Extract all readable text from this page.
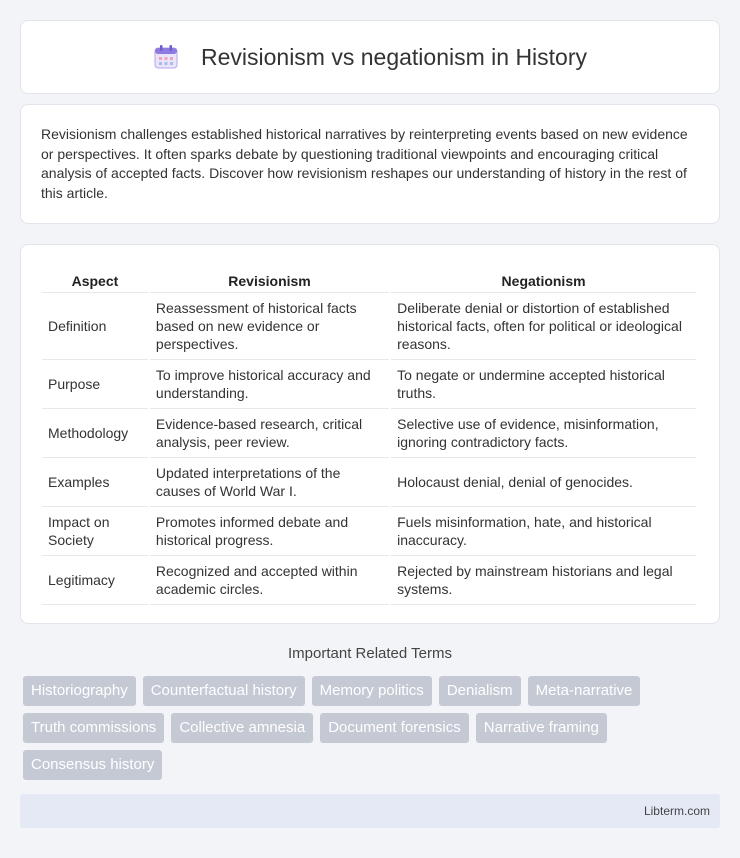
Revisionism vs negationism in History

Revisionism challenges established historical narratives by reinterpreting events based on new evidence or perspectives. It often sparks debate by questioning traditional viewpoints and encouraging critical analysis of accepted facts. Discover how revisionism reshapes our understanding of history in the rest of this article.

Aspect	Revisionism	Negationism
Definition	Reassessment of historical facts based on new evidence or perspectives.	Deliberate denial or distortion of established historical facts, often for political or ideological reasons.
Purpose	To improve historical accuracy and understanding.	To negate or undermine accepted historical truths.
Methodology	Evidence-based research, critical analysis, peer review.	Selective use of evidence, misinformation, ignoring contradictory facts.
Examples	Updated interpretations of the causes of World War I.	Holocaust denial, denial of genocides.
Impact on Society	Promotes informed debate and historical progress.	Fuels misinformation, hate, and historical inaccuracy.
Legitimacy	Recognized and accepted within academic circles.	Rejected by mainstream historians and legal systems.
Important Related Terms
Historiography	Counterfactual history	Memory politics	Denialism	Meta-narrative
Truth commissions	Collective amnesia	Document forensics	Narrative framing
Consensus history
Libterm.com
